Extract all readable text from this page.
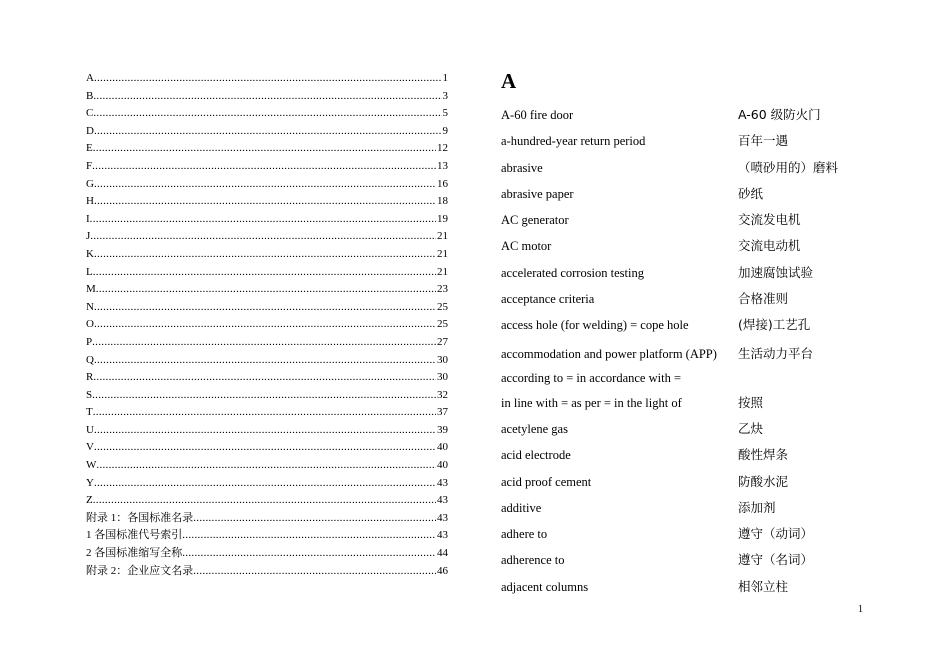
A .....	1
B .....	3
C .....	5
D .....	9
E .....	12
F .....	13
G .....	16
H .....	18
I .....	19
J .....	21
K .....	21
L .....	21
M .....	23
N .....	25
O .....	25
P .....	27
Q .....	30
R .....	30
S .....	32
T .....	37
U .....	39
V .....	40
W .....	40
Y .....	43
Z .....	43
附录 1：各国标准名录 .....	43
1 各国标准代号索引 .....	43
2 各国标准缩写全称 .....	44
附录 2：企业应文名录 .....	46
A
A-60 fire door	A-60 级防火门
a-hundred-year return period	百年一遇
abrasive	（喷砂用的）磨料
abrasive paper	砂纸
AC generator	交流发电机
AC motor	交流电动机
accelerated corrosion testing	加速腐蚀试验
acceptance criteria	合格准则
access hole (for welding) = cope hole	(焊接)工艺孔
accommodation and power platform (APP) 生活动力平台
according to = in accordance with =
in line with = as per = in the light of	按照
acetylene gas	乙炔
acid electrode	酸性焊条
acid proof cement	防酸水泥
additive	添加剂
adhere to	遵守（动词）
adherence to	遵守（名词）
adjacent columns	相邻立柱
1
